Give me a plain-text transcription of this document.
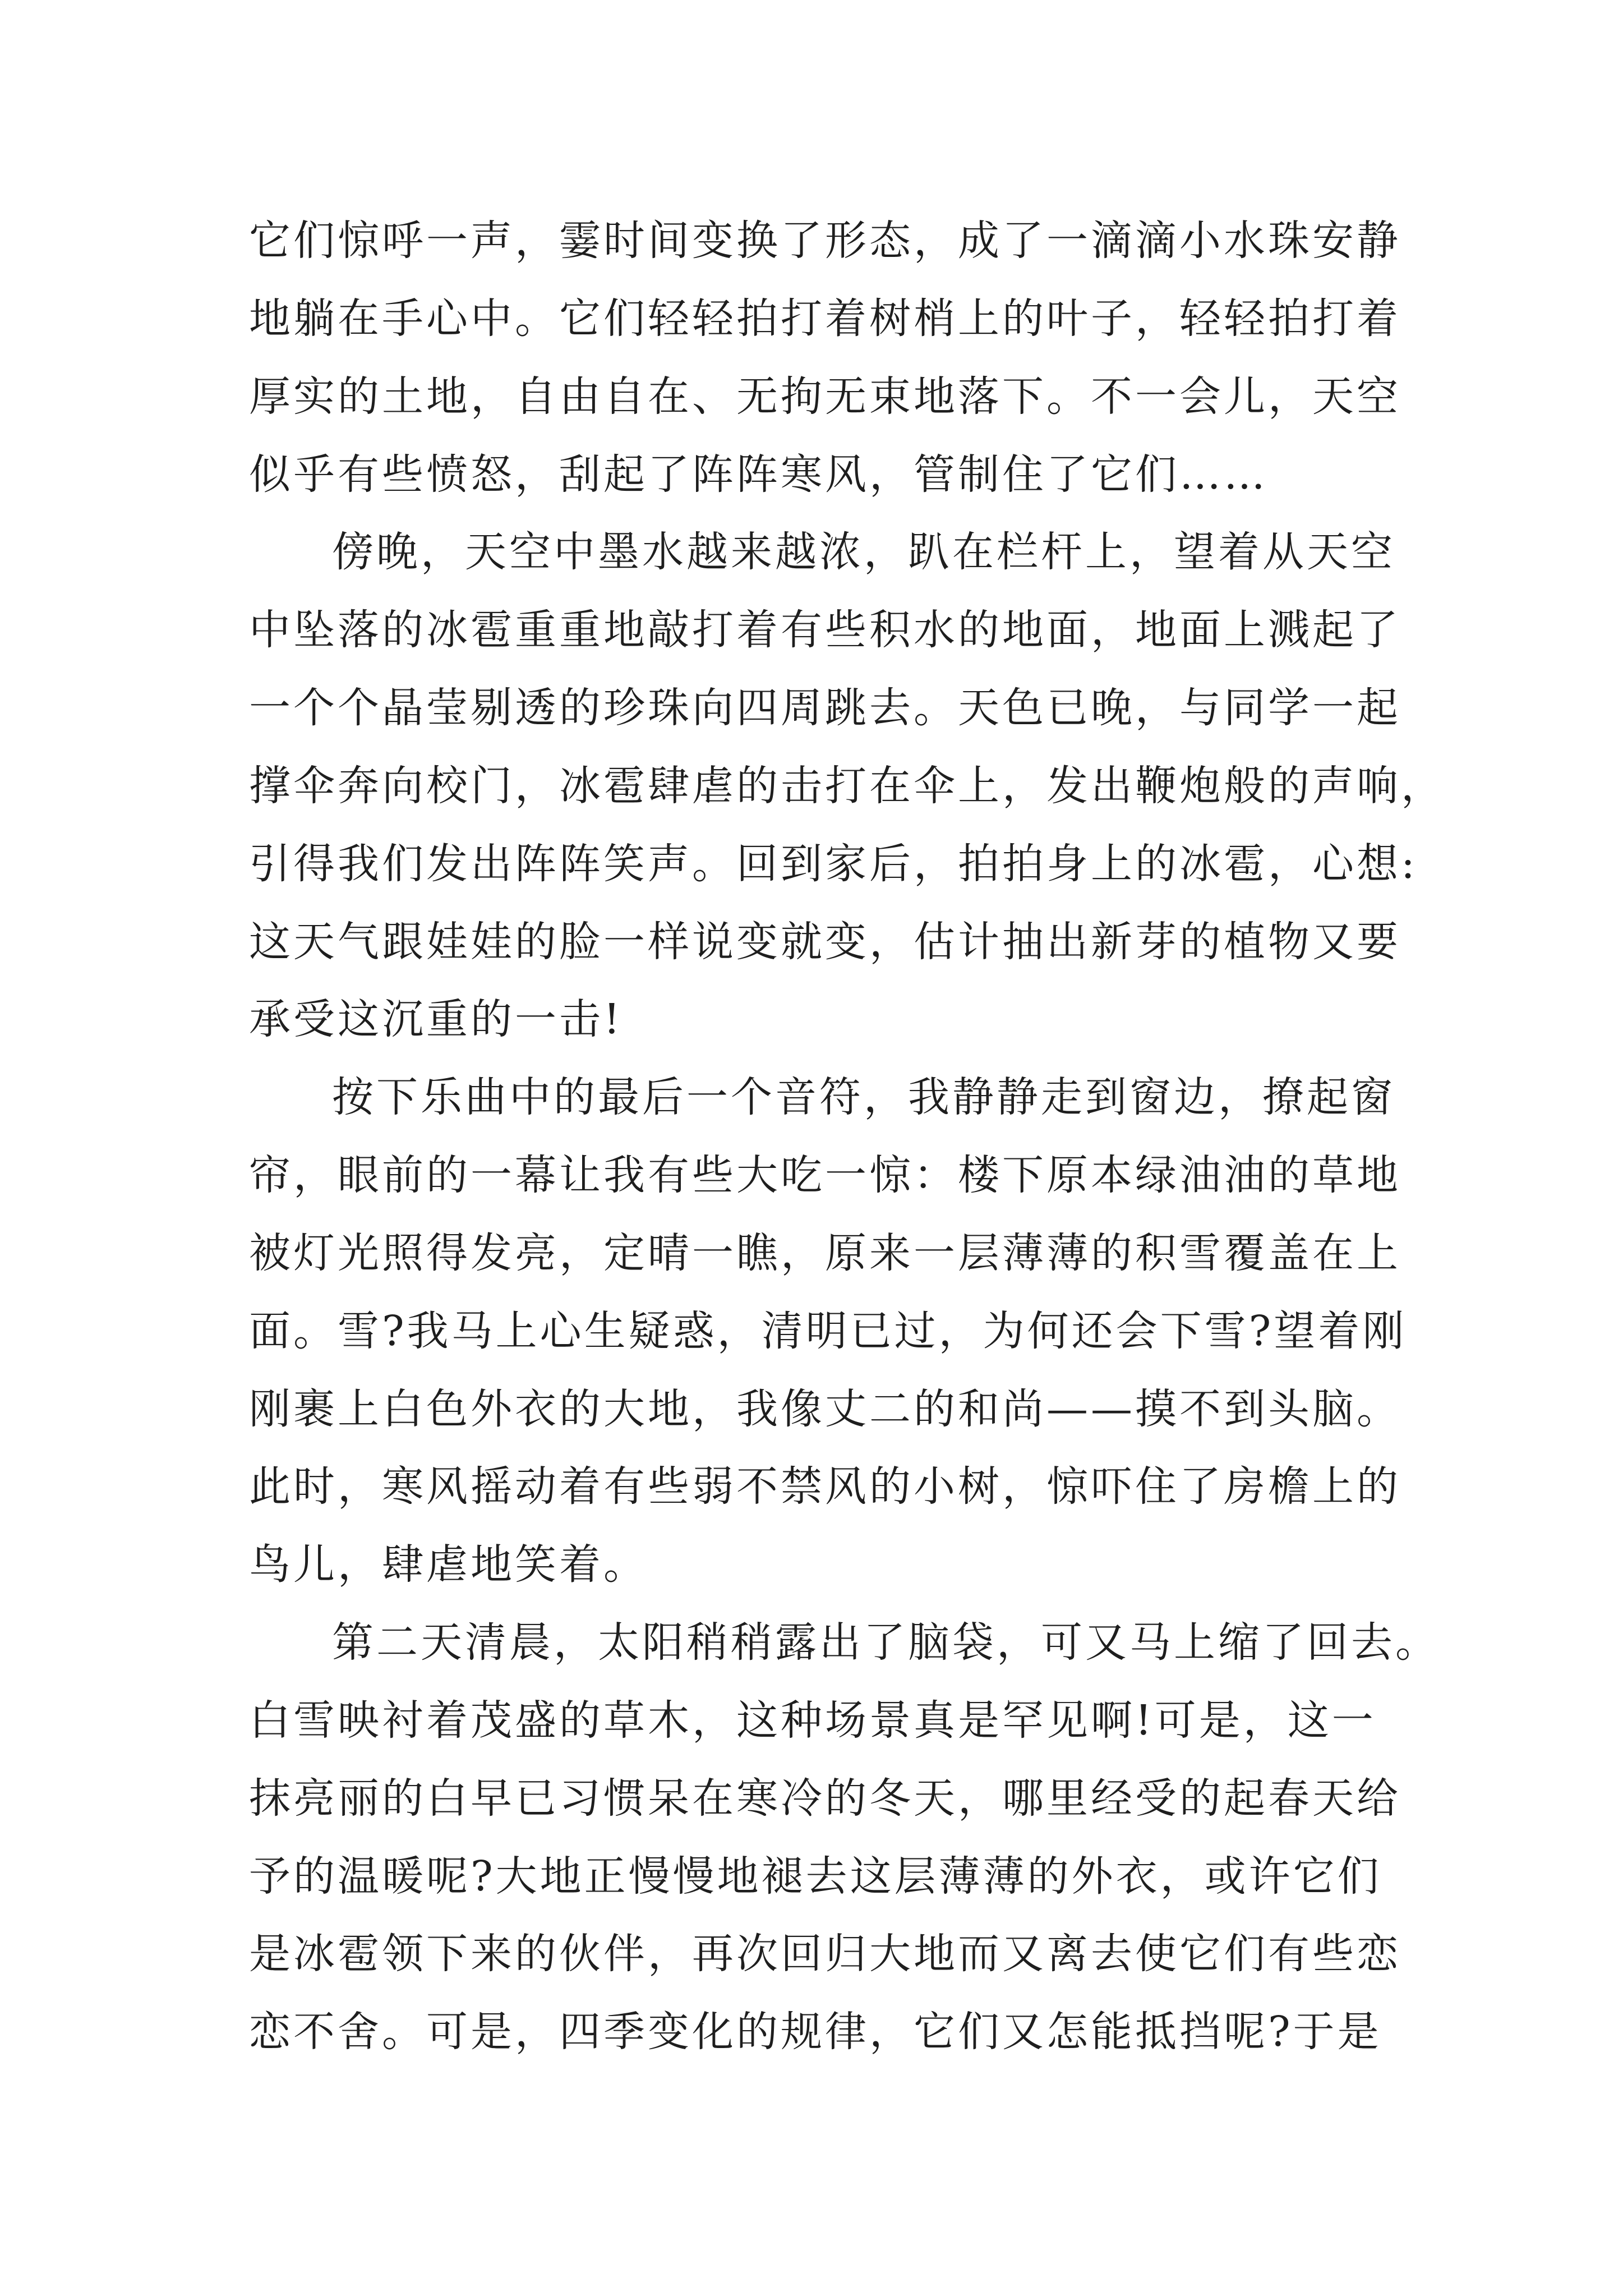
它们惊呼一声，霎时间变换了形态，成了一滴滴小水珠安静

地躺在手心中。它们轻轻拍打着树梢上的叶子，轻轻拍打着

厚实的土地，自由自在、无拘无束地落下。不一会儿，天空

似乎有些愤怒，刮起了阵阵寒风，管制住了它们……

傍晚，天空中墨水越来越浓，趴在栏杆上，望着从天空

中坠落的冰雹重重地敲打着有些积水的地面，地面上溅起了

一个个晶莹剔透的珍珠向四周跳去。天色已晚，与同学一起

撑伞奔向校门，冰雹肆虐的击打在伞上，发出鞭炮般的声响，

引得我们发出阵阵笑声。回到家后，拍拍身上的冰雹，心想:

这天气跟娃娃的脸一样说变就变，估计抽出新芽的植物又要

承受这沉重的一击!

按下乐曲中的最后一个音符，我静静走到窗边，撩起窗

帘，眼前的一幕让我有些大吃一惊：楼下原本绿油油的草地

被灯光照得发亮，定晴一瞧，原来一层薄薄的积雪覆盖在上

面。雪?我马上心生疑惑，清明已过，为何还会下雪?望着刚

刚裹上白色外衣的大地，我像丈二的和尚——摸不到头脑。

此时，寒风摇动着有些弱不禁风的小树，惊吓住了房檐上的

鸟儿，肆虐地笑着。

第二天清晨，太阳稍稍露出了脑袋，可又马上缩了回去。

白雪映衬着茂盛的草木，这种场景真是罕见啊!可是，这一

抹亮丽的白早已习惯呆在寒冷的冬天，哪里经受的起春天给

予的温暖呢?大地正慢慢地褪去这层薄薄的外衣，或许它们

是冰雹领下来的伙伴，再次回归大地而又离去使它们有些恋

恋不舍。可是，四季变化的规律，它们又怎能抵挡呢?于是
